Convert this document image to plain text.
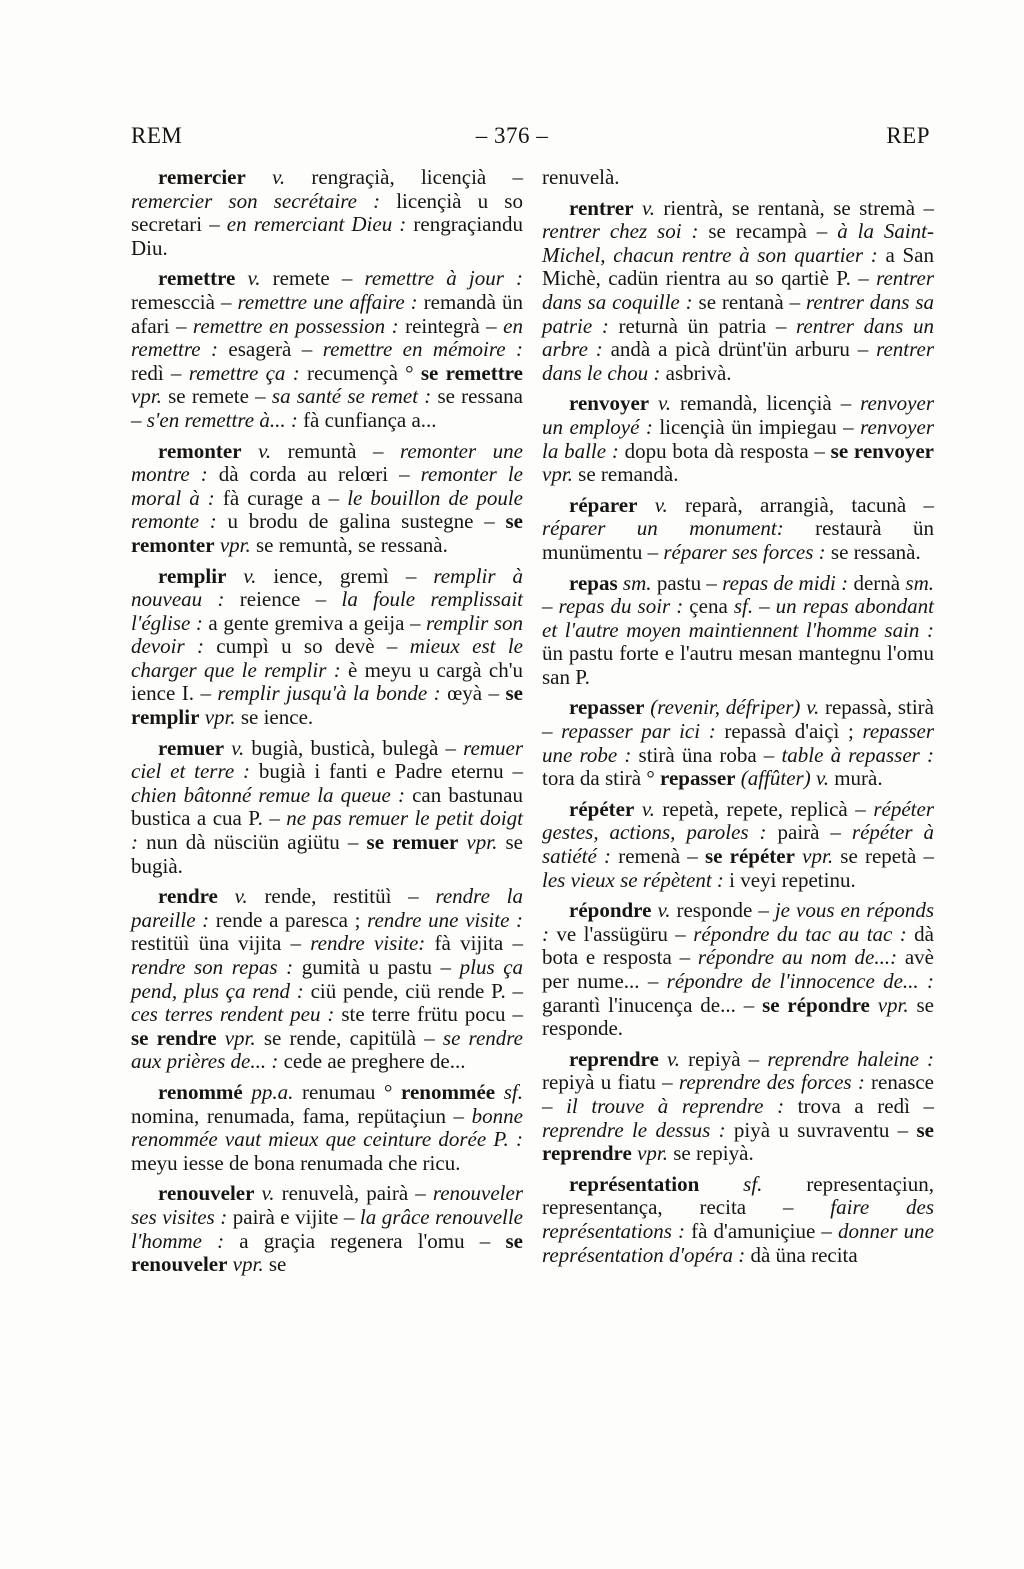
REM	– 376 –	REP

remercier v. rengraçià, licençià – remercier son secrétaire : licençià u so secretari – en remerciant Dieu : rengraçiandu Diu.

remettre v. remete – remettre à jour : remesccià – remettre une affaire : remandà ün afari – remettre en possession : reintegrà – en remettre : esagerà – remettre en mémoire : redì – remettre ça : recumençà ° se remettre vpr. se remete – sa santé se remet : se ressana – s'en remettre à... : fà cunfiança a...

remonter v. remuntà – remonter une montre : dà corda au relœri – remonter le moral à : fà curage a – le bouillon de poule remonte : u brodu de galina sustegne – se remonter vpr. se remuntà, se ressanà.

remplir v. ience, gremì – remplir à nouveau : reience – la foule remplissait l'église : a gente gremiva a geija – remplir son devoir : cumpì u so devè – mieux est le charger que le remplir : è meyu u cargà ch'u ience I. – remplir jusqu'à la bonde : œyà – se remplir vpr. se ience.

remuer v. bugià, busticà, bulegà – remuer ciel et terre : bugià i fanti e Padre eternu – chien bâtonné remue la queue : can bastunau bustica a cua P. – ne pas remuer le petit doigt : nun dà nüsciün agiütu – se remuer vpr. se bugià.

rendre v. rende, restitüì – rendre la pareille : rende a paresca ; rendre une visite : restitüì üna vijita – rendre visite: fà vijita – rendre son repas : gumità u pastu – plus ça pend, plus ça rend : ciü pende, ciü rende P. – ces terres rendent peu : ste terre frütu pocu – se rendre vpr. se rende, capitülà – se rendre aux prières de... : cede ae preghere de...

renommé pp.a. renumau ° renommée sf. nomina, renumada, fama, repütaçiun – bonne renommée vaut mieux que ceinture dorée P. : meyu iesse de bona renumada che ricu.

renouveler v. renuvelà, pairà – renouveler ses visites : pairà e vijite – la grâce renouvelle l'homme : a graçia regenera l'omu – se renouveler vpr. se

renuvelà.

rentrer v. rientrà, se rentanà, se stremà – rentrer chez soi : se recampà – à la Saint-Michel, chacun rentre à son quartier : a San Michè, cadün rientra au so qartiè P. – rentrer dans sa coquille : se rentanà – rentrer dans sa patrie : returnà ün patria – rentrer dans un arbre : andà a picà drünt'ün arburu – rentrer dans le chou : asbrivà.

renvoyer v. remandà, licençià – renvoyer un employé : licençià ün impiegau – renvoyer la balle : dopu bota dà resposta – se renvoyer vpr. se remandà.

réparer v. reparà, arrangià, tacunà – réparer un monument: restaurà ün munümentu – réparer ses forces : se ressanà.

repas sm. pastu – repas de midi : dernà sm. – repas du soir : çena sf. – un repas abondant et l'autre moyen maintiennent l'homme sain : ün pastu forte e l'autru mesan mantegnu l'omu san P.

repasser (revenir, défriper) v. repassà, stirà – repasser par ici : repassà d'aiçì ; repasser une robe : stirà üna roba – table à repasser : tora da stirà ° repasser (affûter) v. murà.

répéter v. repetà, repete, replicà – répéter gestes, actions, paroles : pairà – répéter à satiété : remenà – se répéter vpr. se repetà – les vieux se répètent : i veyi repetinu.

répondre v. responde – je vous en réponds : ve l'assügüru – répondre du tac au tac : dà bota e resposta – répondre au nom de...: avè per nume... – répondre de l'innocence de... : garantì l'inucença de... – se répondre vpr. se responde.

reprendre v. repiyà – reprendre haleine : repiyà u fiatu – reprendre des forces : renasce – il trouve à reprendre : trova a redì – reprendre le dessus : piyà u suvraventu – se reprendre vpr. se repiyà.

représentation sf. representaçiun, representança, recita – faire des représentations : fà d'amuniçiue – donner une représentation d'opéra : dà üna recita
